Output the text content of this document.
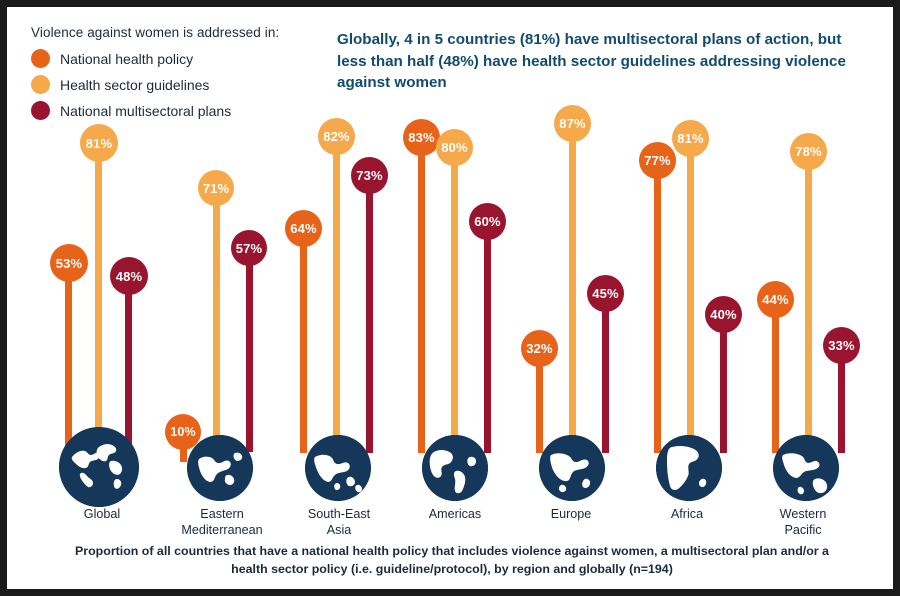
Violence against women is addressed in:
National health policy
Health sector guidelines
National multisectoral plans
Globally, 4 in 5 countries (81%) have multisectoral plans of action, but less than half (48%) have health sector guidelines addressing violence against women
53%
81%
48%
Global
10%
71%
57%
Eastern
Mediterranean
64%
82%
73%
South-East
Asia
83%
80%
60%
Americas
32%
87%
45%
Europe
77%
81%
40%
Africa
44%
78%
33%
Western
Pacific
Proportion of all countries that have a national health policy that includes violence against women, a multisectoral plan and/or a health sector policy (i.e. guideline/protocol), by region and globally (n=194)
